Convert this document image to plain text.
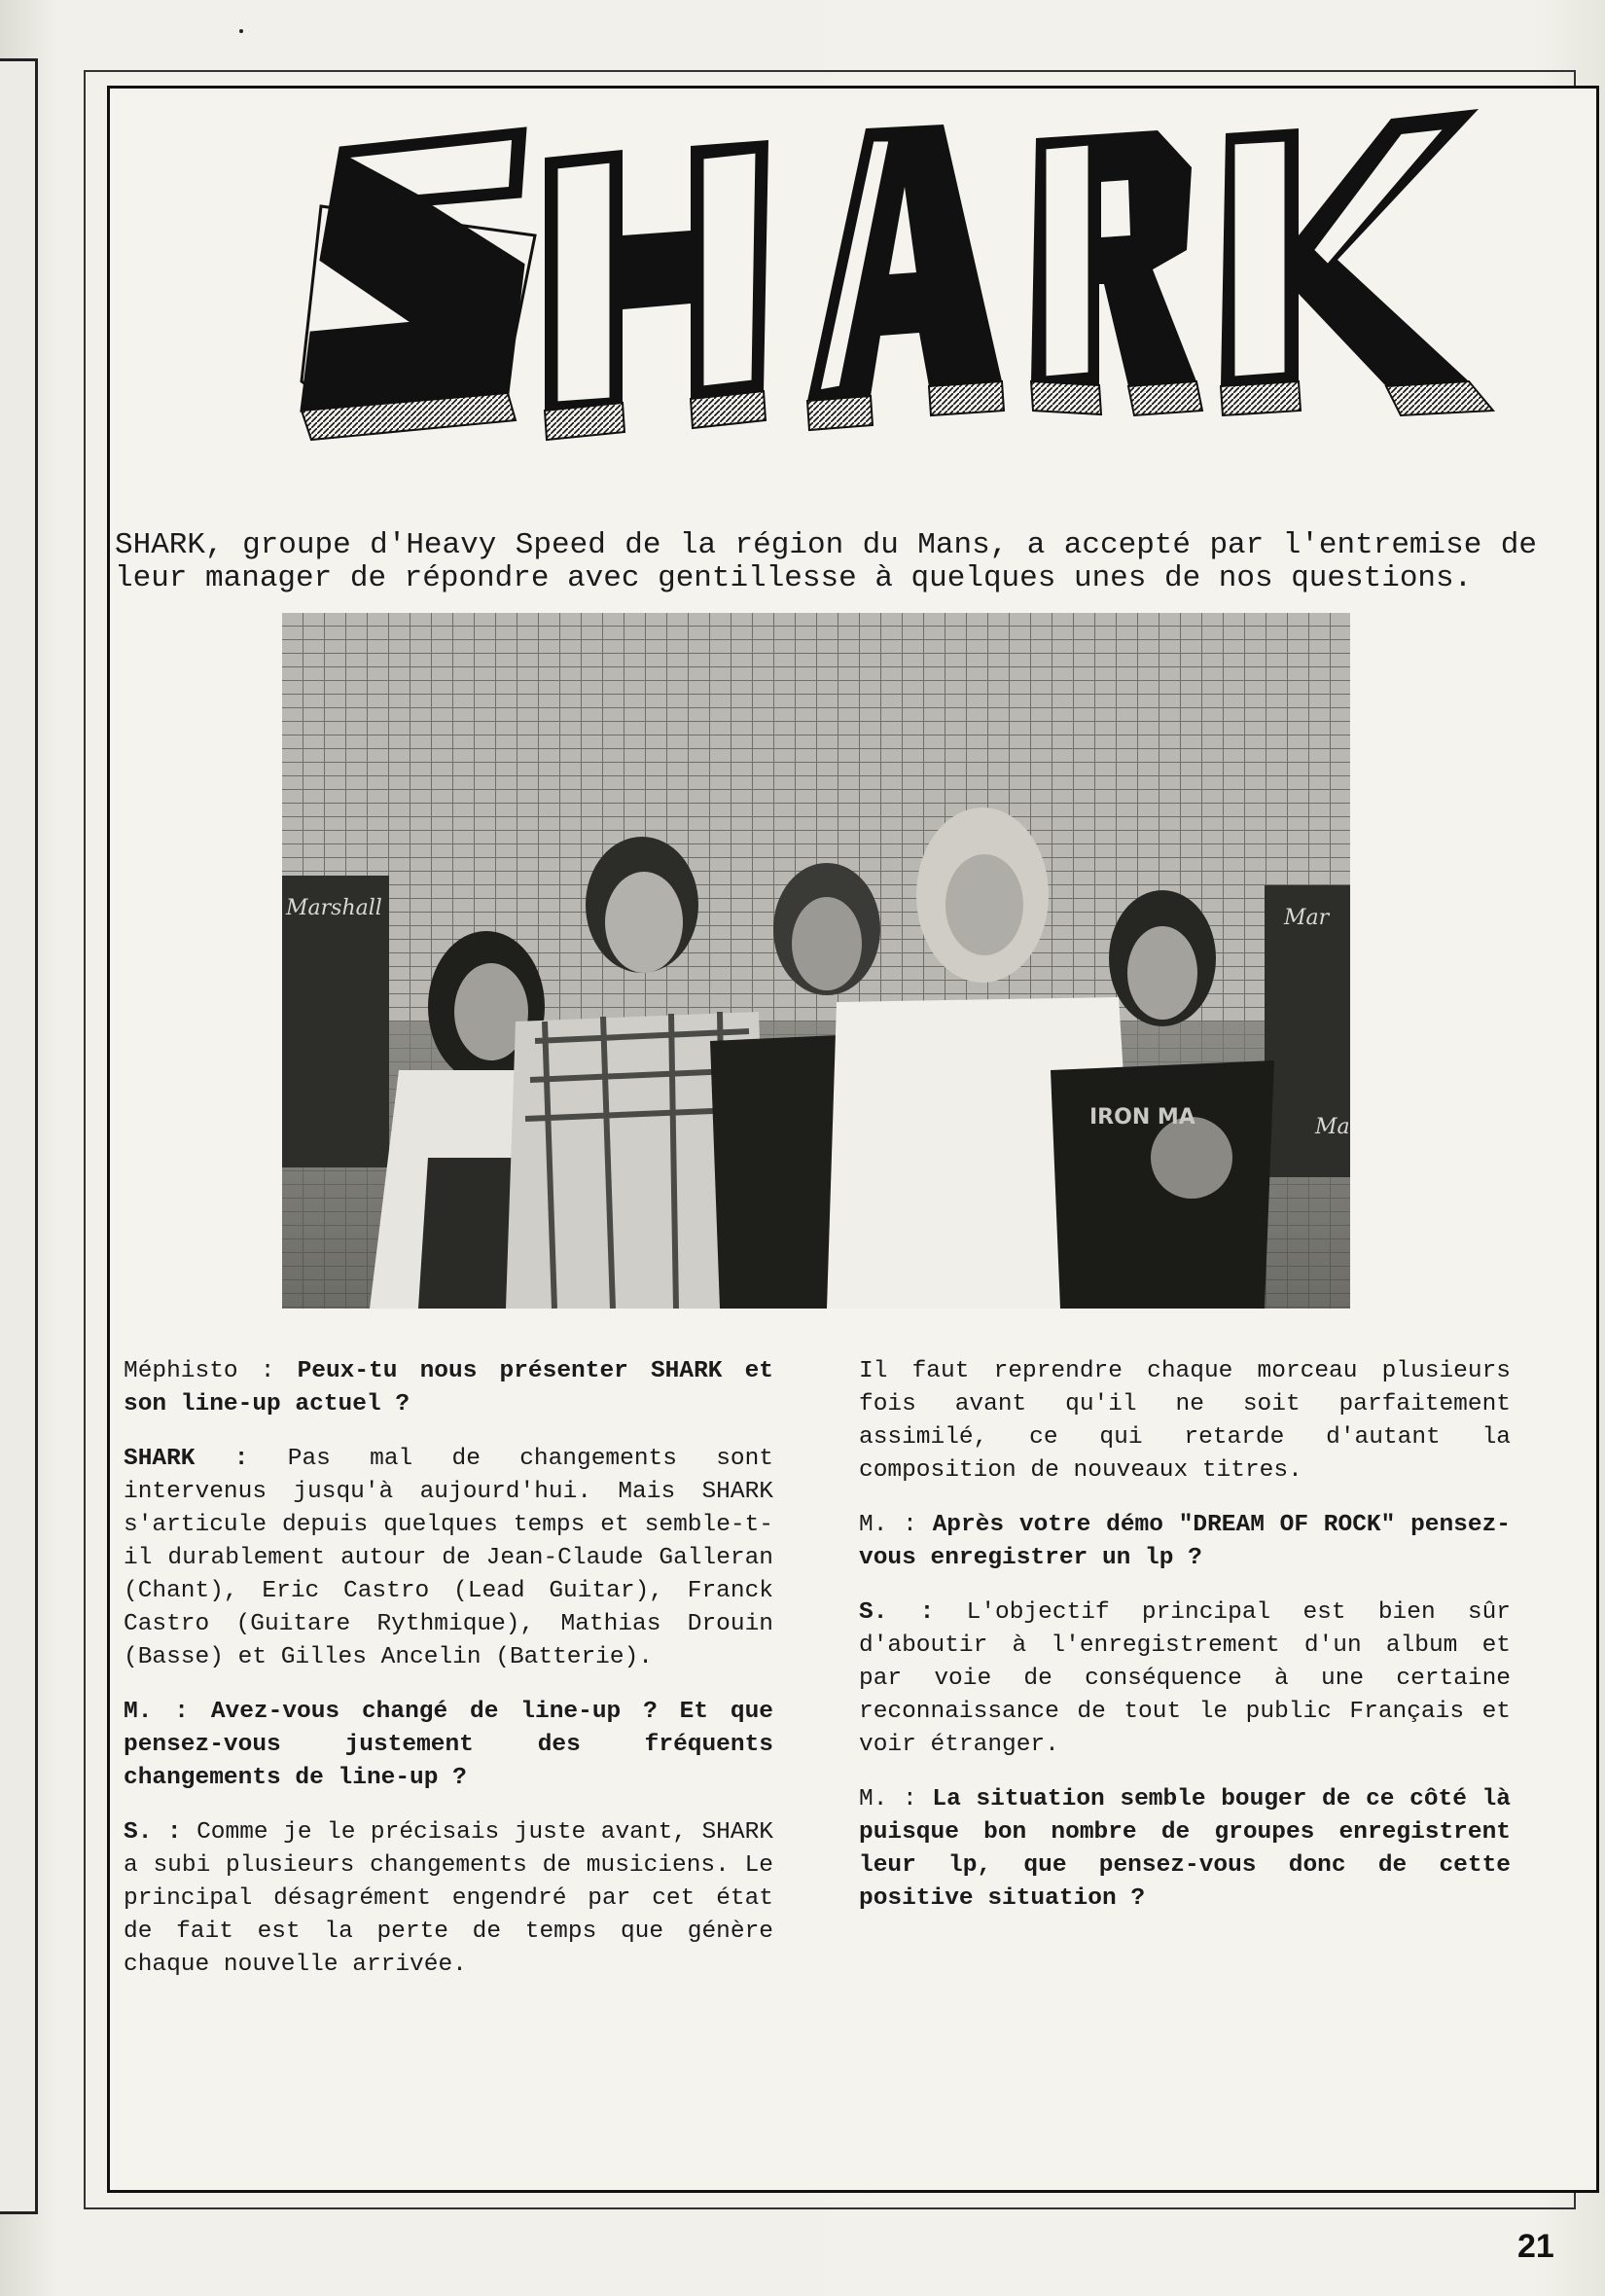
SHARK, groupe d'Heavy Speed de la région du Mans, a accepté par l'entremise de leur manager de répondre avec gentillesse à quelques unes de nos questions.

Marshall	Mar
Ma
IRON MA

Méphisto : Peux-tu nous présenter SHARK et son line-up actuel ?

SHARK : Pas mal de changements sont intervenus jusqu'à aujourd'hui. Mais SHARK s'articule depuis quelques temps et semble-t-il durablement autour de Jean-Claude Galleran (Chant), Eric Castro (Lead Guitar), Franck Castro (Guitare Rythmique), Mathias Drouin (Basse) et Gilles Ancelin (Batterie).

M. : Avez-vous changé de line-up ? Et que pensez-vous justement des fréquents changements de line-up ?

S. : Comme je le précisais juste avant, SHARK a subi plusieurs changements de musiciens. Le principal désagrément engendré par cet état de fait est la perte de temps que génère chaque nouvelle arrivée.

Il faut reprendre chaque morceau plusieurs fois avant qu'il ne soit parfaitement assimilé, ce qui retarde d'autant la composition de nouveaux titres.

M. : Après votre démo "DREAM OF ROCK" pensez-vous enregistrer un lp ?

S. : L'objectif principal est bien sûr d'aboutir à l'enregistrement d'un album et par voie de conséquence à une certaine reconnaissance de tout le public Français et voir étranger.

M. : La situation semble bouger de ce côté là puisque bon nombre de groupes enregistrent leur lp, que pensez-vous donc de cette positive situation ?

21
